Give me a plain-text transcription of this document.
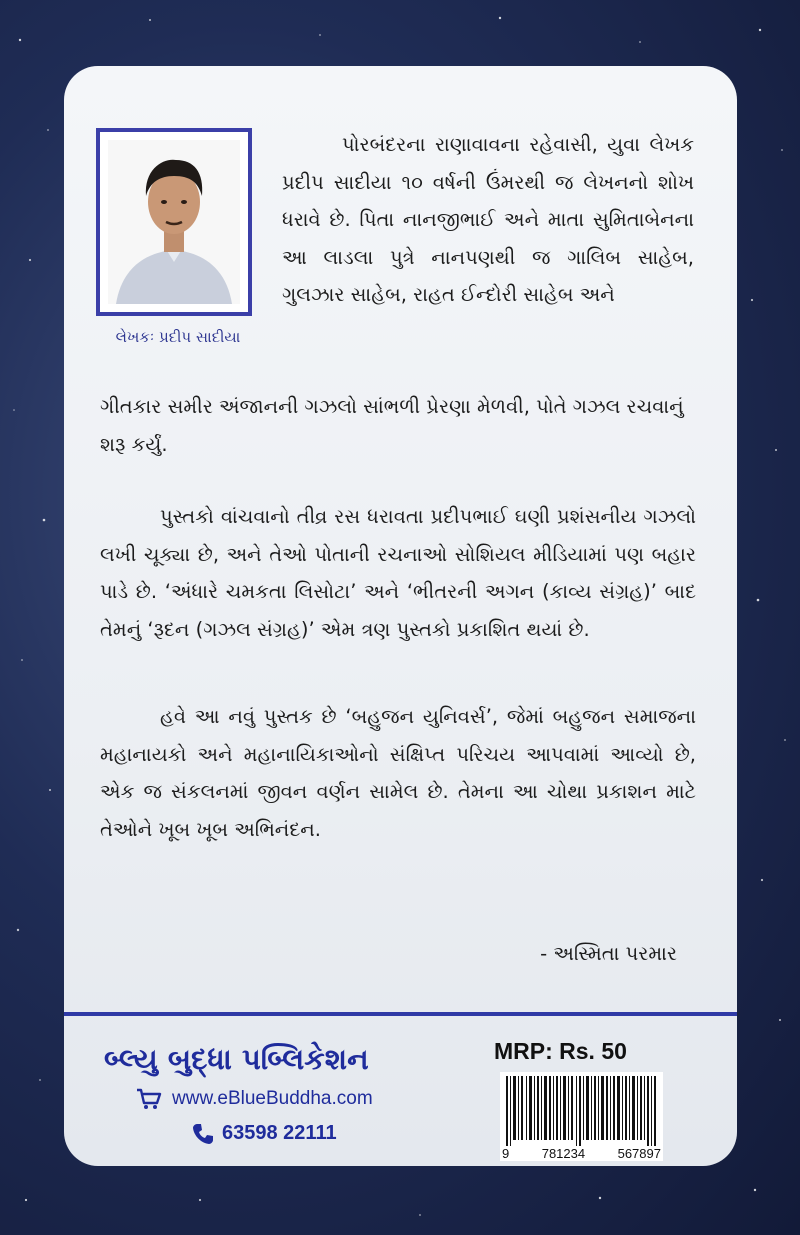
લેખકઃ પ્રદીપ સાદીયા
પોરબંદરના રાણાવાવના રહેવાસી, યુવા લેખક પ્રદીપ સાદીયા ૧૦ વર્ષની ઉંમરથી જ લેખનનો શોખ ધરાવે છે. પિતા નાનજીભાઈ અને માતા સુમિતાબેનના આ લાડલા પુત્રે નાનપણથી જ ગાલિબ સાહેબ, ગુલઝાર સાહેબ, રાહત ઈન્દોરી સાહેબ અને
ગીતકાર સમીર અંજાનની ગઝલો સાંભળી પ્રેરણા મેળવી, પોતે ગઝલ રચવાનું શરૂ કર્યું.
પુસ્તકો વાંચવાનો તીવ્ર રસ ધરાવતા પ્રદીપભાઈ ઘણી પ્રશંસનીય ગઝલો લખી ચૂક્યા છે, અને તેઓ પોતાની રચનાઓ સોશિયલ મીડિયામાં પણ બહાર પાડે છે. ‘અંધારે ચમકતા લિસોટા’ અને ‘ભીતરની અગન (કાવ્ય સંગ્રહ)’ બાદ તેમનું ‘રૂદન (ગઝલ સંગ્રહ)’ એમ ત્રણ પુસ્તકો પ્રકાશિત થયાં છે.
હવે આ નવું પુસ્તક છે ‘બહુજન યુનિવર્સ’, જેમાં બહુજન સમાજના મહાનાયકો અને મહાનાયિકાઓનો સંક્ષિપ્ત પરિચય આપવામાં આવ્યો છે, એક જ સંકલનમાં જીવન વર્ણન સામેલ છે. તેમના આ ચોથા પ્રકાશન માટે તેઓને ખૂબ ખૂબ અભિનંદન.
- અસ્મિતા પરમાર
બ્લ્યુ બુદ્ધા પબ્લિકેશન
www.eBlueBuddha.com
63598 22111
MRP: Rs. 50
9 781234 567897
